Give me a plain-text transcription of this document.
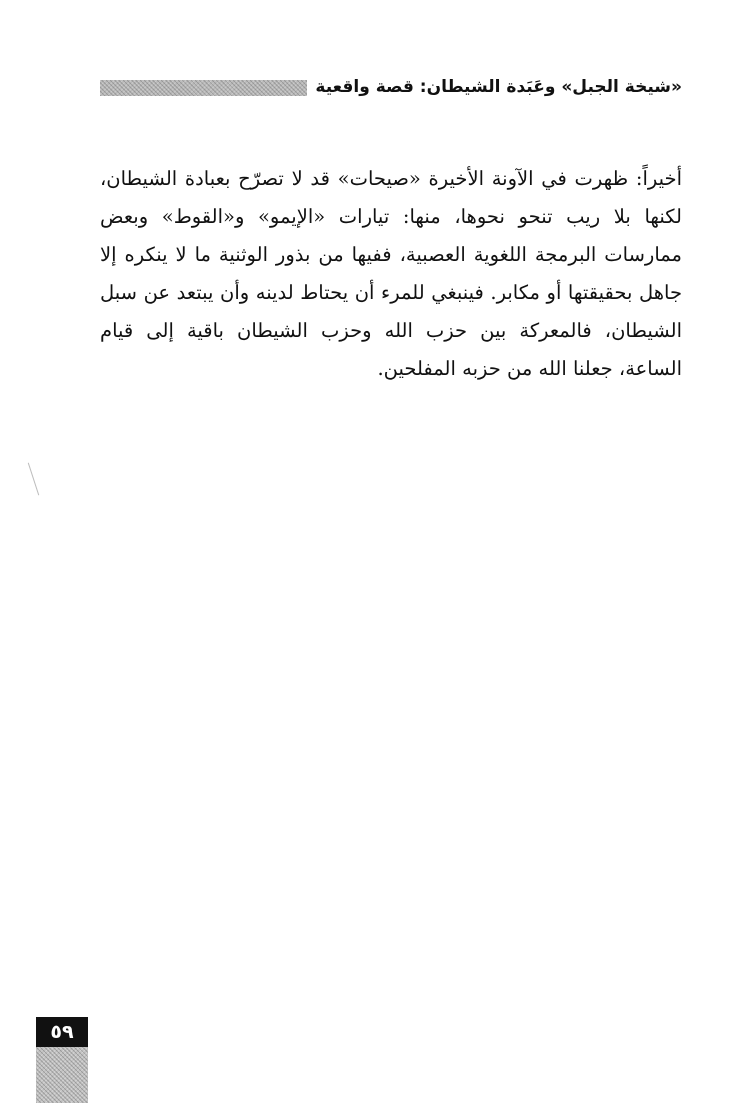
«شيخة الجبل» وعَبَدة الشيطان: قصة واقعية

أخيراً: ظهرت في الآونة الأخيرة «صيحات» قد لا تصرّح بعبادة الشيطان، لكنها بلا ريب تنحو نحوها، منها: تيارات «الإيمو» و«القوط» وبعض ممارسات البرمجة اللغوية العصبية، ففيها من بذور الوثنية ما لا ينكره إلا جاهل بحقيقتها أو مكابر. فينبغي للمرء أن يحتاط لدينه وأن يبتعد عن سبل الشيطان، فالمعركة بين حزب الله وحزب الشيطان باقية إلى قيام الساعة، جعلنا الله من حزبه المفلحين.

٥٩
